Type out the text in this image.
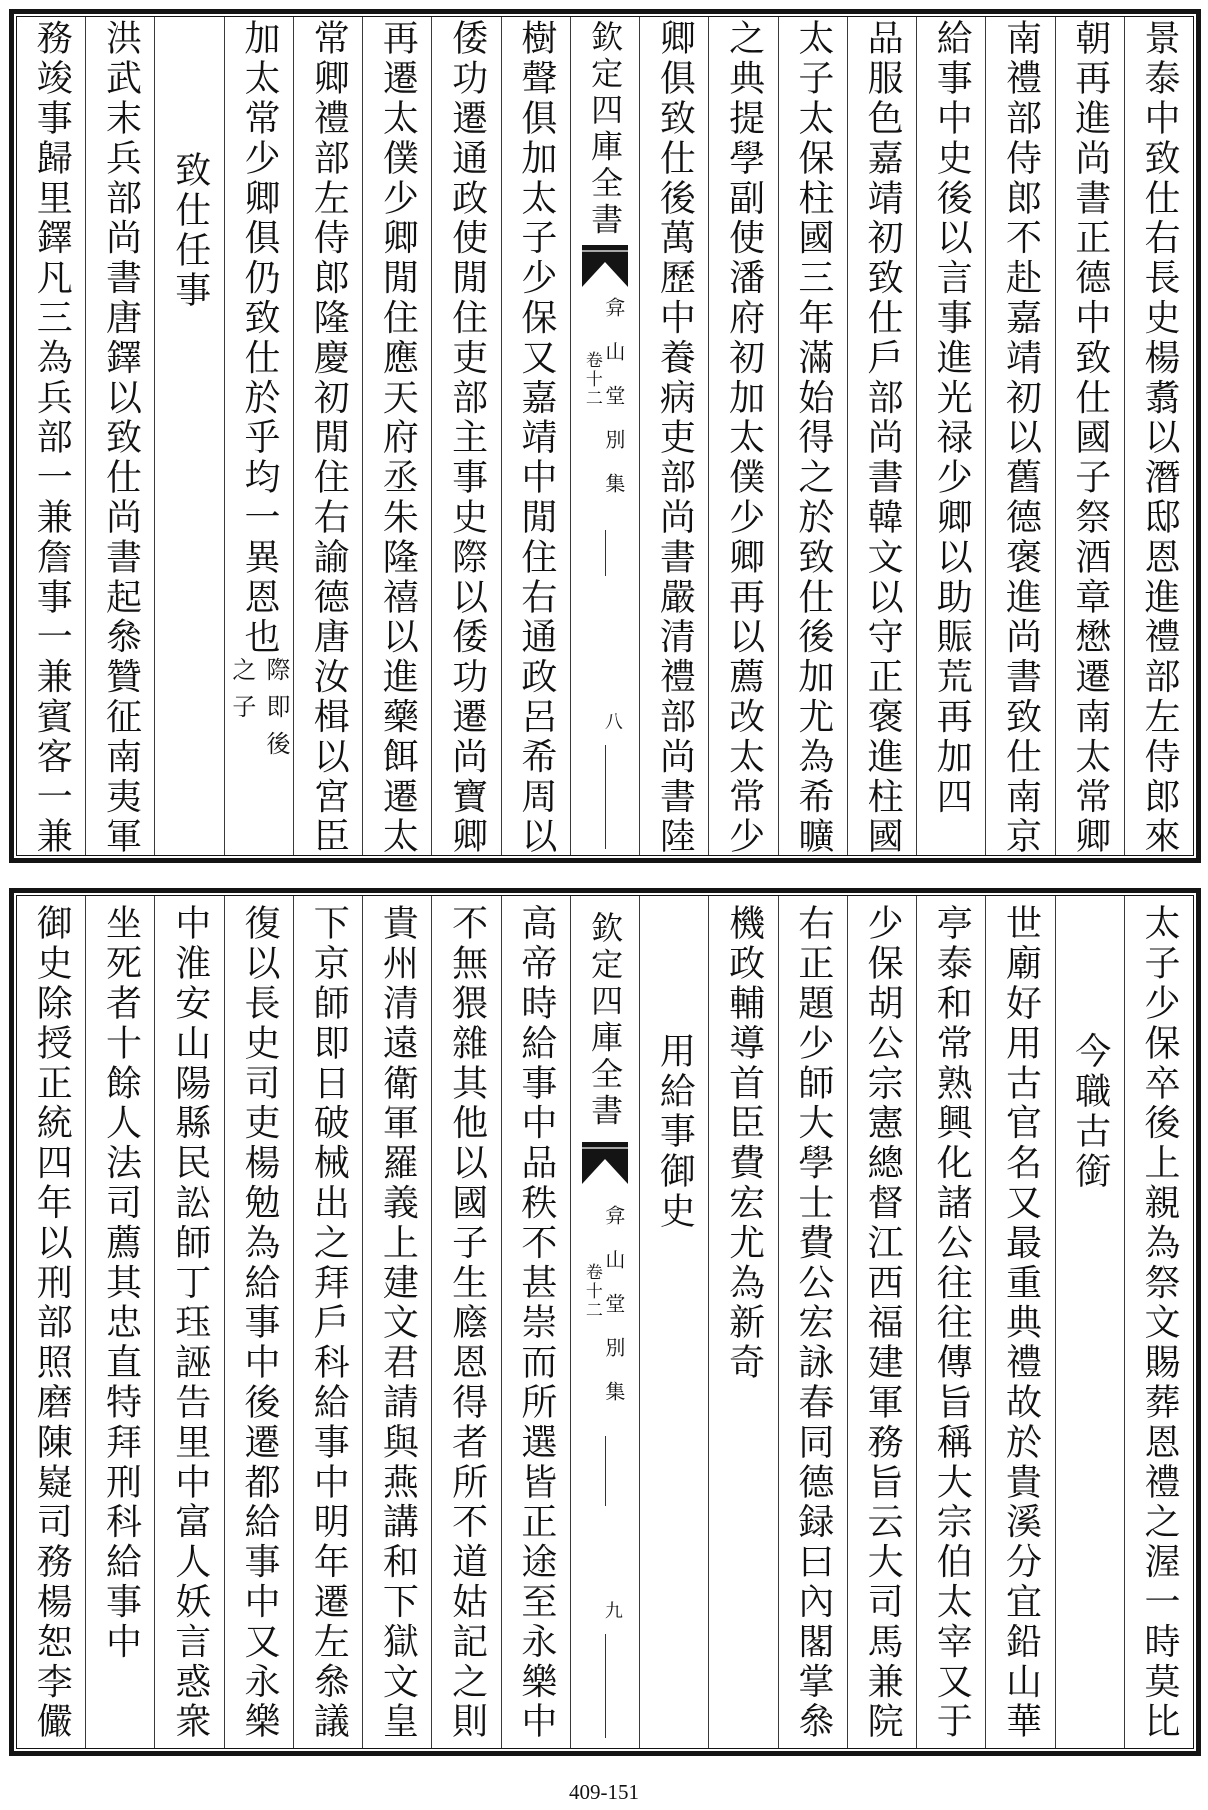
景泰中致仕右長史楊翥以潛邸恩進禮部左侍郎來
朝再進尚書正德中致仕國子祭酒章懋遷南太常卿
南禮部侍郎不赴嘉靖初以舊德褒進尚書致仕南京
給事中史後以言事進光禄少卿以助賑荒再加四
品服色嘉靖初致仕戶部尚書韓文以守正褒進柱國
太子太保柱國三年滿始得之於致仕後加尤為希曠
之典提學副使潘府初加太僕少卿再以薦改太常少
卿俱致仕後萬歷中養病吏部尚書嚴清禮部尚書陸
欽定四庫全書
弇山堂別集
卷十二
八
樹聲俱加太子少保又嘉靖中閒住右通政呂希周以
倭功遷通政使閒住吏部主事史際以倭功遷尚寶卿
再遷太僕少卿閒住應天府丞朱隆禧以進藥餌遷太
常卿禮部左侍郎隆慶初閒住右諭德唐汝楫以宮臣
加太常少卿俱仍致仕於乎均一異恩也
際即後
之子
致仕任事
洪武末兵部尚書唐鐸以致仕尚書起叅贊征南夷軍
務竣事歸里鐸凡三為兵部一兼詹事一兼賓客一兼
太子少保卒後上親為祭文賜葬恩禮之渥一時莫比
今職古銜
世廟好用古官名又最重典禮故於貴溪分宜鉛山華
亭泰和常熟興化諸公往往傳旨稱大宗伯太宰又于
少保胡公宗憲總督江西福建軍務旨云大司馬兼院
右正題少師大學士費公宏詠春同德録曰內閣掌叅
機政輔導首臣費宏尤為新奇
用給事御史
欽定四庫全書
弇山堂別集
卷十二
九
高帝時給事中品秩不甚崇而所選皆正途至永樂中
不無猥雜其他以國子生廕恩得者所不道姑記之則
貴州清遠衛軍羅義上建文君請與燕講和下獄文皇
下京師即日破械出之拜戶科給事中明年遷左叅議
復以長史司吏楊勉為給事中後遷都給事中又永樂
中淮安山陽縣民訟師丁珏誣告里中富人妖言惑衆
坐死者十餘人法司薦其忠直特拜刑科給事中
御史除授正統四年以刑部照磨陳嶷司務楊恕李儼
409-151
